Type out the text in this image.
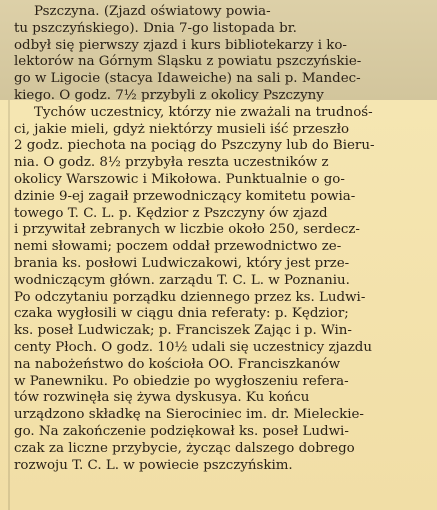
Pszczyna. (Zjazd oświatowy powia-
tu pszczyńskiego). Dnia 7-go listopada br.
odbył się pierwszy zjazd i kurs bibliotekarzy i ko-
lektorów na Górnym Śląsku z powiatu pszczyńskie-
go w Ligocie (stacya Idaweiche) na sali p. Mandec-
kiego. O godz. 7½ przybyli z okolicy Pszczyny
Tychów uczestnicy, którzy nie zważali na trudnoś-
ci, jakie mieli, gdyż niektórzy musieli iść przeszło
2 godz. piechota na pociąg do Pszczyny lub do Bieru-
nia. O godz. 8½ przybyła reszta uczestników z
okolicy Warszowic i Mikołowa. Punktualnie o go-
dzinie 9-ej zagaił przewodniczący komitetu powia-
towego T. C. L. p. Kędzior z Pszczyny ów zjazd
i przywitał zebranych w liczbie około 250, serdecz-
nemi słowami; poczem oddał przewodnictwo ze-
brania ks. posłowi Ludwiczakowi, który jest prze-
wodniczącym główn. zarządu T. C. L. w Poznaniu.
Po odczytaniu porządku dziennego przez ks. Ludwi-
czaka wygłosili w ciągu dnia referaty: p. Kędzior;
ks. poseł Ludwiczak; p. Franciszek Zając i p. Win-
centy Płoch. O godz. 10½ udali się uczestnicy zjazdu
na nabożeństwo do kościoła OO. Franciszkanów
w Panewniku. Po obiedzie po wygłoszeniu refera-
tów rozwinęła się żywa dyskusya. Ku końcu
urządzono składkę na Sierociniec im. dr. Mieleckie-
go. Na zakończenie podziękował ks. poseł Ludwi-
czak za liczne przybycie, życząc dalszego dobrego
rozwoju T. C. L. w powiecie pszczyńskim.
